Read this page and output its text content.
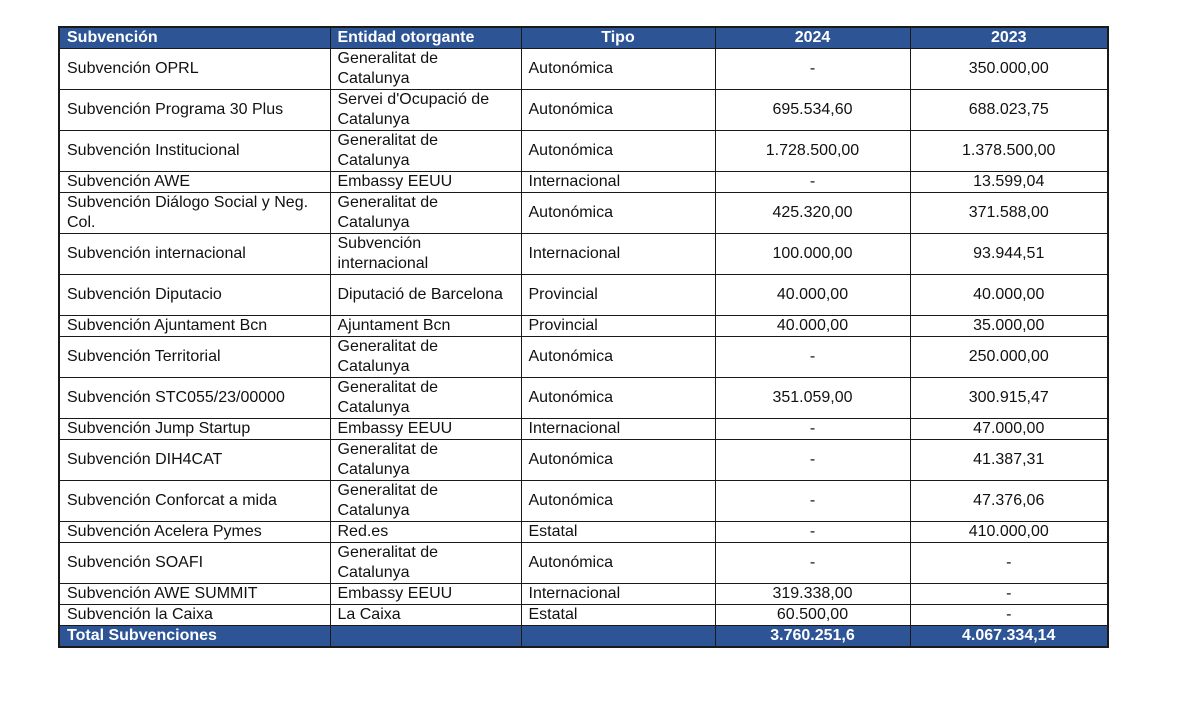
Subvención	Entidad otorgante	Tipo	2024	2023
Subvención OPRL	Generalitat de Catalunya	Autonómica	-	350.000,00
Subvención Programa 30 Plus	Servei d'Ocupació de Catalunya	Autonómica	695.534,60	688.023,75
Subvención Institucional	Generalitat de Catalunya	Autonómica	1.728.500,00	1.378.500,00
Subvención AWE	Embassy EEUU	Internacional	-	13.599,04
Subvención Diálogo Social y Neg. Col.	Generalitat de Catalunya	Autonómica	425.320,00	371.588,00
Subvención internacional	Subvención internacional	Internacional	100.000,00	93.944,51
Subvención Diputacio	Diputació de Barcelona	Provincial	40.000,00	40.000,00
Subvención Ajuntament Bcn	Ajuntament Bcn	Provincial	40.000,00	35.000,00
Subvención Territorial	Generalitat de Catalunya	Autonómica	-	250.000,00
Subvención STC055/23/00000	Generalitat de Catalunya	Autonómica	351.059,00	300.915,47
Subvención Jump Startup	Embassy EEUU	Internacional	-	47.000,00
Subvención DIH4CAT	Generalitat de Catalunya	Autonómica	-	41.387,31
Subvención Conforcat a mida	Generalitat de Catalunya	Autonómica	-	47.376,06
Subvención Acelera Pymes	Red.es	Estatal	-	410.000,00
Subvención SOAFI	Generalitat de Catalunya	Autonómica	-	-
Subvención AWE SUMMIT	Embassy EEUU	Internacional	319.338,00	-
Subvención la Caixa	La Caixa	Estatal	60.500,00	-
Total Subvenciones			3.760.251,6	4.067.334,14
